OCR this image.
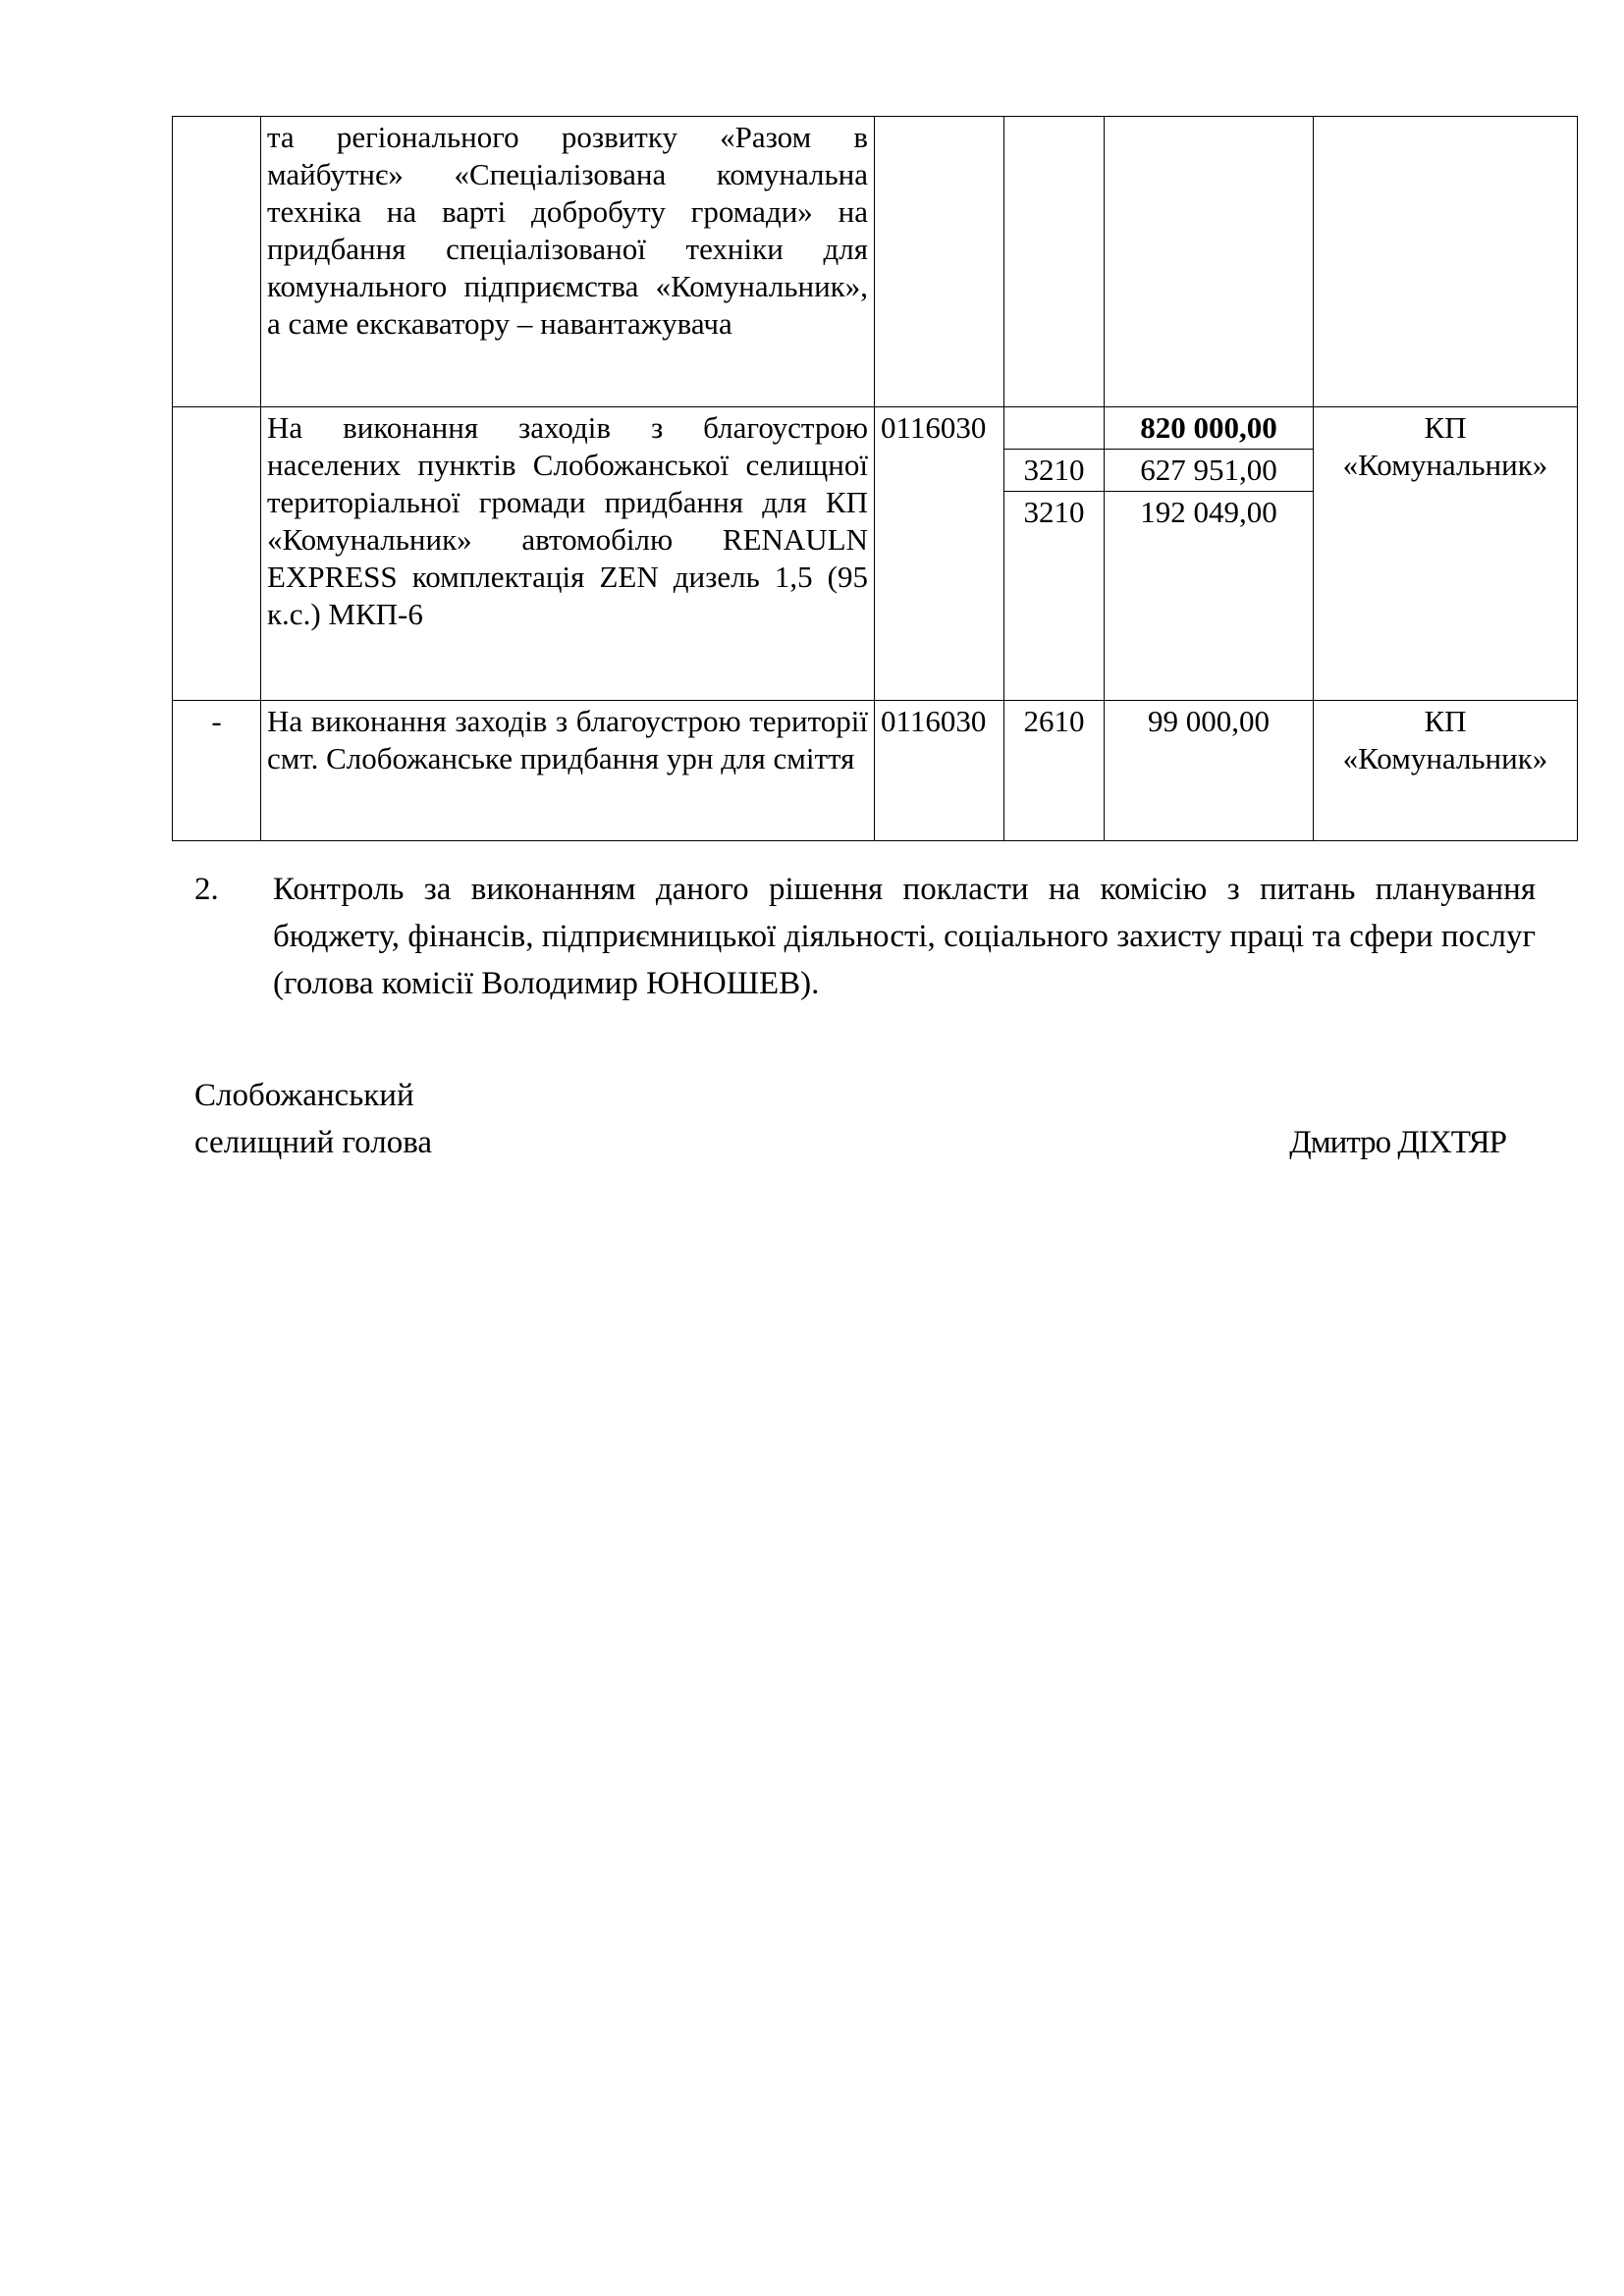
	та регіонального розвитку «Разом в майбутнє» «Спеціалізована комунальна техніка на варті добробуту громади» на придбання спеціалізованої техніки для комунального підприємства «Комунальник», а саме екскаватору – навантажувача				
	На виконання заходів з благоустрою населених пунктів Слобожанської селищної територіальної громади придбання для КП «Комунальник» автомобілю RENAULN EXPRESS комплектація ZEN дизель 1,5 (95 к.с.) МКП-6	0116030		820 000,00	КП «Комунальник»
			3210	627 951,00	
			3210	192 049,00	
-	На виконання заходів з благоустрою території смт. Слобожанське придбання урн для сміття	0116030	2610	99 000,00	КП «Комунальник»
2. Контроль за виконанням даного рішення покласти на комісію з питань планування бюджету, фінансів, підприємницької діяльності, соціального захисту праці та сфери послуг (голова комісії Володимир ЮНОШЕВ).
Слобожанський
селищний голова	Дмитро ДІХТЯР
